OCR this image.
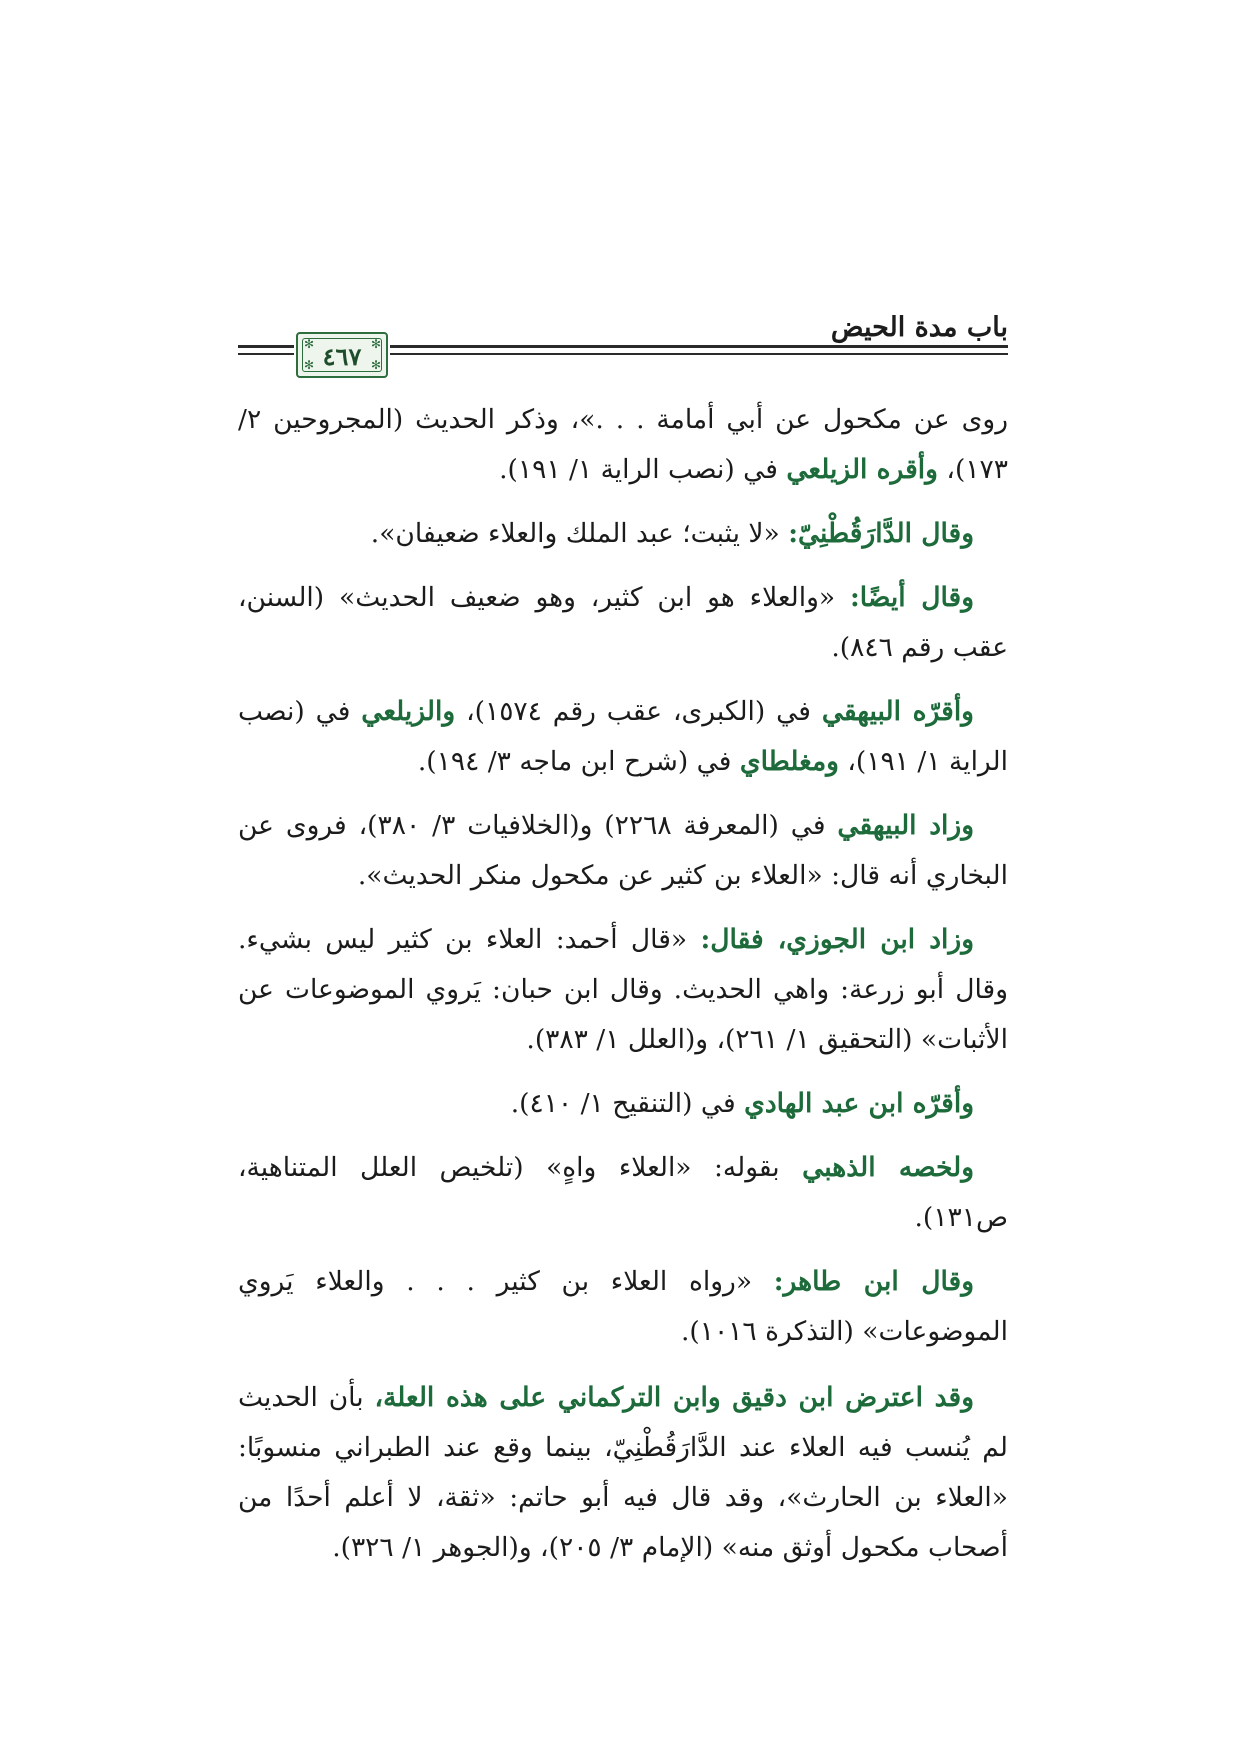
باب مدة الحيض
✻	✻
✻	✻
٤٦٧

روى عن مكحول عن أبي أمامة . . .»، وذكر الحديث (المجروحين ٢/ ١٧٣)، وأقره الزيلعي في (نصب الراية ١/ ١٩١).

وقال الدَّارَقُطْنِيّ: «لا يثبت؛ عبد الملك والعلاء ضعيفان».

وقال أيضًا: «والعلاء هو ابن كثير، وهو ضعيف الحديث» (السنن، عقب رقم ٨٤٦).

وأقرّه البيهقي في (الكبرى، عقب رقم ١٥٧٤)، والزيلعي في (نصب الراية ١/ ١٩١)، ومغلطاي في (شرح ابن ماجه ٣/ ١٩٤).

وزاد البيهقي في (المعرفة ٢٢٦٨) و(الخلافيات ٣/ ٣٨٠)، فروى عن البخاري أنه قال: «العلاء بن كثير عن مكحول منكر الحديث».

وزاد ابن الجوزي، فقال: «قال أحمد: العلاء بن كثير ليس بشيء. وقال أبو زرعة: واهي الحديث. وقال ابن حبان: يَروي الموضوعات عن الأثبات» (التحقيق ١/ ٢٦١)، و(العلل ١/ ٣٨٣).

وأقرّه ابن عبد الهادي في (التنقيح ١/ ٤١٠).

ولخصه الذهبي بقوله: «العلاء واهٍ» (تلخيص العلل المتناهية، ص١٣١).

وقال ابن طاهر: «رواه العلاء بن كثير . . . والعلاء يَروي الموضوعات» (التذكرة ١٠١٦).

وقد اعترض ابن دقيق وابن التركماني على هذه العلة، بأن الحديث لم يُنسب فيه العلاء عند الدَّارَقُطْنِيّ، بينما وقع عند الطبراني منسوبًا: «العلاء بن الحارث»، وقد قال فيه أبو حاتم: «ثقة، لا أعلم أحدًا من أصحاب مكحول أوثق منه» (الإمام ٣/ ٢٠٥)، و(الجوهر ١/ ٣٢٦).
